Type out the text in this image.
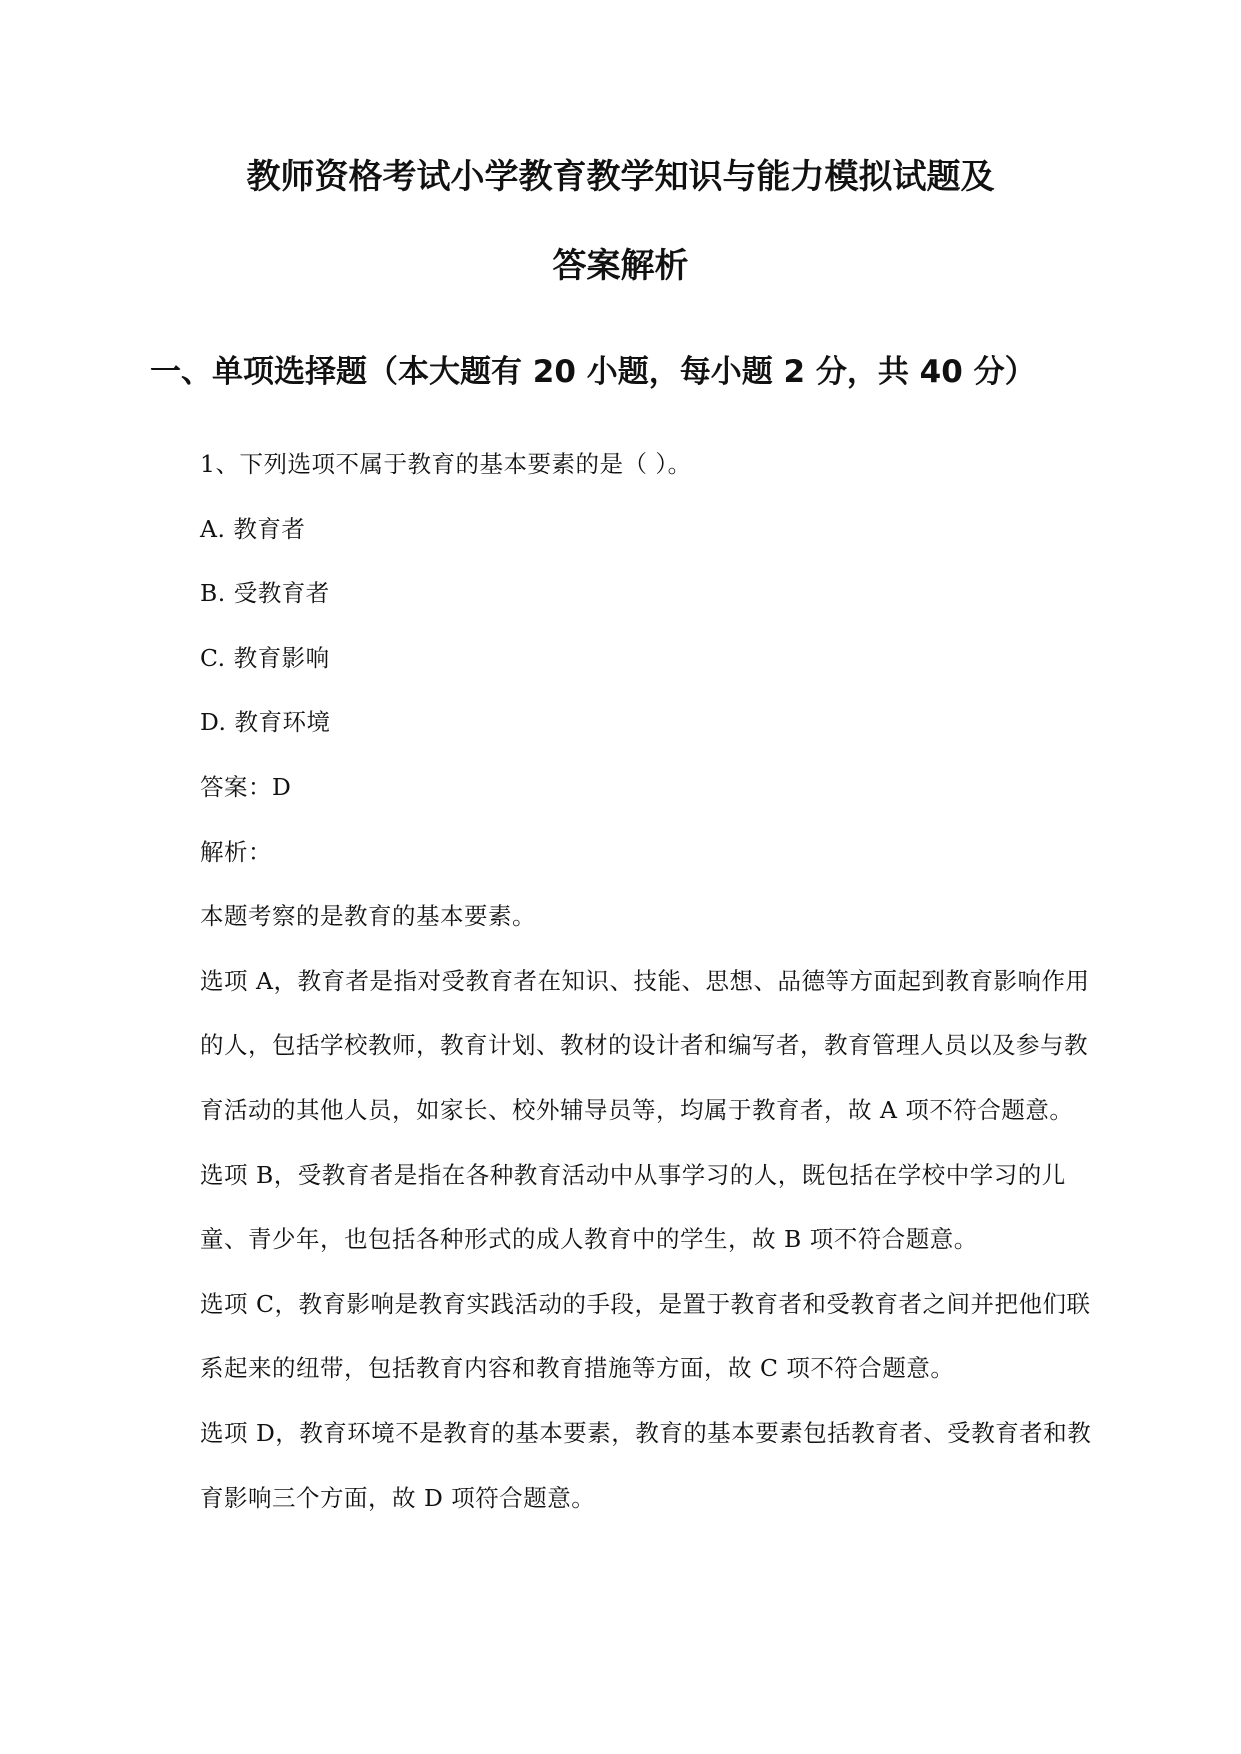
教师资格考试小学教育教学知识与能力模拟试题及
答案解析
一、单项选择题（本大题有 20 小题，每小题 2 分，共 40 分）
1、下列选项不属于教育的基本要素的是（ ）。
A. 教育者
B. 受教育者
C. 教育影响
D. 教育环境
答案：D
解析：
本题考察的是教育的基本要素。
选项 A，教育者是指对受教育者在知识、技能、思想、品德等方面起到教育影响作用的人，包括学校教师，教育计划、教材的设计者和编写者，教育管理人员以及参与教育活动的其他人员，如家长、校外辅导员等，均属于教育者，故 A 项不符合题意。
选项 B，受教育者是指在各种教育活动中从事学习的人，既包括在学校中学习的儿童、青少年，也包括各种形式的成人教育中的学生，故 B 项不符合题意。
选项 C，教育影响是教育实践活动的手段，是置于教育者和受教育者之间并把他们联系起来的纽带，包括教育内容和教育措施等方面，故 C 项不符合题意。
选项 D，教育环境不是教育的基本要素，教育的基本要素包括教育者、受教育者和教育影响三个方面，故 D 项符合题意。
